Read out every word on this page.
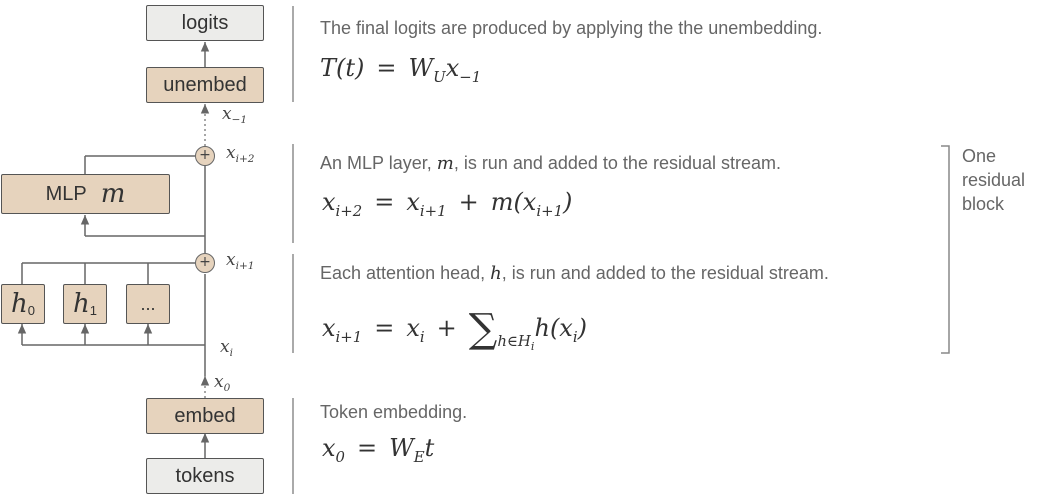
logits
unembed
MLP m
h 0 h 1 ...
embed
tokens
+
+
$x_{-1}$
$x_{i+2}$
$x_{i+1}$
$x_i$
$x_0$
The final logits are produced by applying the the unembedding.
$T(t) = W_Ux_{-1}$
An MLP layer, m, is run and added to the residual stream.
$x_{i+2} = x_{i+1} + m(x_{i+1})$
Each attention head, h, is run and added to the residual stream.
$x_{i+1} = x_i + \sum_{h\in H_i}h(x_i)$
Token embedding.
$x_0 = W_Et$
One
residual
block
